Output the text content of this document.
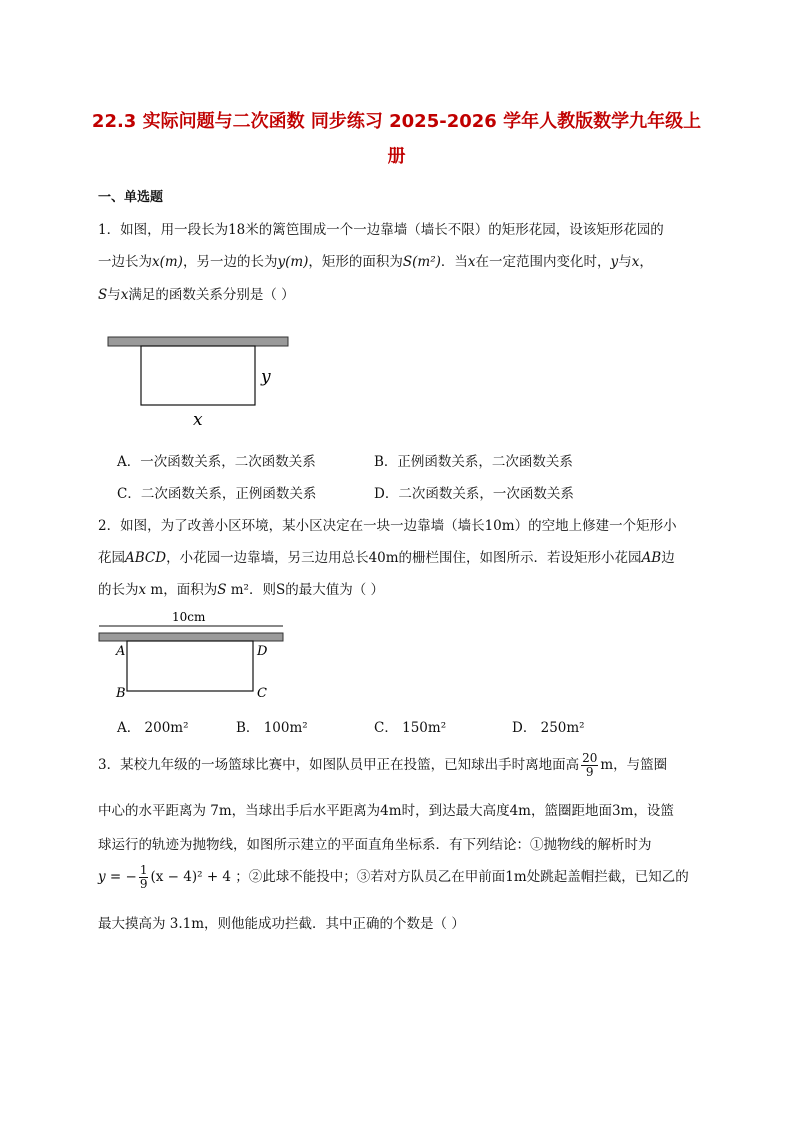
22.3 实际问题与二次函数 同步练习 2025-2026 学年人教版数学九年级上
册
一、单选题
1．如图，用一段长为18米的篱笆围成一个一边靠墙（墙长不限）的矩形花园，设该矩形花园的
一边长为x(m)，另一边的长为y(m)，矩形的面积为S(m²)．当x在一定范围内变化时，y与x，
S与x满足的函数关系分别是（ ）
y
x
A．一次函数关系，二次函数关系	B．正例函数关系，二次函数关系
C．二次函数关系，正例函数关系	D．二次函数关系，一次函数关系
2．如图，为了改善小区环境，某小区决定在一块一边靠墙（墙长10m）的空地上修建一个矩形小
花园ABCD，小花园一边靠墙，另三边用总长40m的栅栏围住，如图所示．若设矩形小花园AB边
的长为x m，面积为S m²．则S的最大值为（ ）
10cm
A	D
B	C
A． 200m²	B． 100m²	C． 150m²	D． 250m²
3．某校九年级的一场篮球比赛中，如图队员甲正在投篮，已知球出手时离地面高 $\frac{20}{9}$ m，与篮圈
中心的水平距离为 7m，当球出手后水平距离为4m时，到达最大高度4m，篮圈距地面3m，设篮
球运行的轨迹为抛物线，如图所示建立的平面直角坐标系．有下列结论：①抛物线的解析时为
y = − $\frac{1}{9} (x - 4)^2 + 4$ ；②此球不能投中；③若对方队员乙在甲前面1m处跳起盖帽拦截，已知乙的
最大摸高为 3.1m，则他能成功拦截．其中正确的个数是（ ）
